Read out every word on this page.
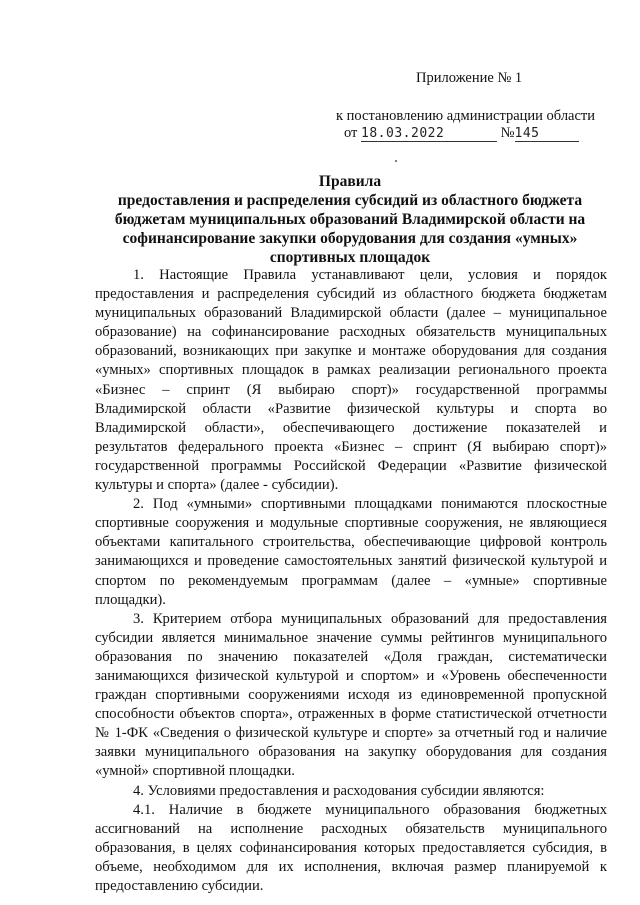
Приложение № 1
к постановлению администрации области
от 18.03.2022	№145
Правила
предоставления и распределения субсидий из областного бюджета
бюджетам муниципальных образований Владимирской области на
софинансирование закупки оборудования для создания «умных»
спортивных площадок

1. Настоящие Правила устанавливают цели, условия и порядок предоставления и распределения субсидий из областного бюджета бюджетам муниципальных образований Владимирской области (далее – муниципальное образование) на софинансирование расходных обязательств муниципальных образований, возникающих при закупке и монтаже оборудования для создания «умных» спортивных площадок в рамках реализации регионального проекта «Бизнес – спринт (Я выбираю спорт)» государственной программы Владимирской области «Развитие физической культуры и спорта во Владимирской области», обеспечивающего достижение показателей и результатов федерального проекта «Бизнес – спринт (Я выбираю спорт)» государственной программы Российской Федерации «Развитие физической культуры и спорта» (далее - субсидии).

2. Под «умными» спортивными площадками понимаются плоскостные спортивные сооружения и модульные спортивные сооружения, не являющиеся объектами капитального строительства, обеспечивающие цифровой контроль занимающихся и проведение самостоятельных занятий физической культурой и спортом по рекомендуемым программам (далее – «умные» спортивные площадки).

3. Критерием отбора муниципальных образований для предоставления субсидии является минимальное значение суммы рейтингов муниципального образования по значению показателей «Доля граждан, систематически занимающихся физической культурой и спортом» и «Уровень обеспеченности граждан спортивными сооружениями исходя из единовременной пропускной способности объектов спорта», отраженных в форме статистической отчетности № 1-ФК «Сведения о физической культуре и спорте» за отчетный год и наличие заявки муниципального образования на закупку оборудования для создания «умной» спортивной площадки.

4. Условиями предоставления и расходования субсидии являются:

4.1. Наличие в бюджете муниципального образования бюджетных ассигнований на исполнение расходных обязательств муниципального образования, в целях софинансирования которых предоставляется субсидия, в объеме, необходимом для их исполнения, включая размер планируемой к предоставлению субсидии.
